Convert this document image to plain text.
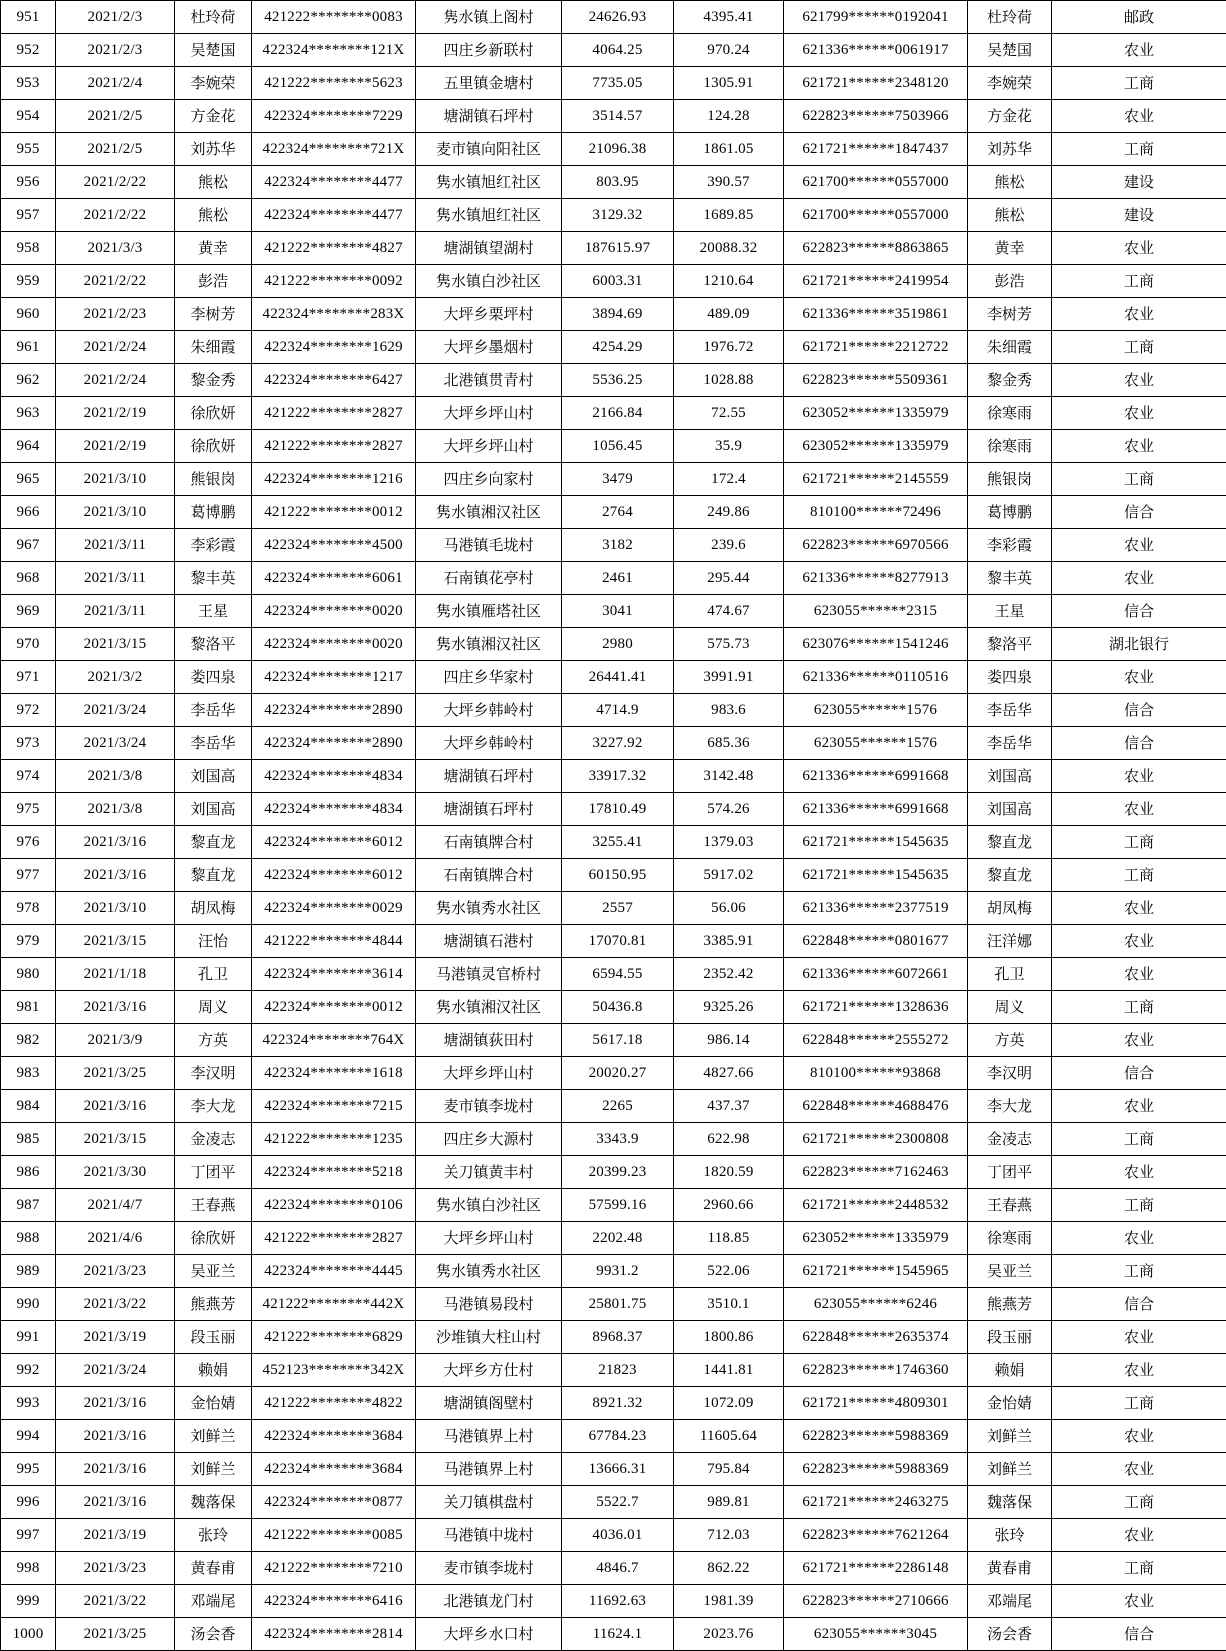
951	2021/2/3	杜玲荷	421222********0083	隽水镇上阁村	24626.93	4395.41	621799******0192041	杜玲荷	邮政
952	2021/2/3	吴楚国	422324********121X	四庄乡新联村	4064.25	970.24	621336******0061917	吴楚国	农业
953	2021/2/4	李婉荣	421222********5623	五里镇金塘村	7735.05	1305.91	621721******2348120	李婉荣	工商
954	2021/2/5	方金花	422324********7229	塘湖镇石坪村	3514.57	124.28	622823******7503966	方金花	农业
955	2021/2/5	刘苏华	422324********721X	麦市镇向阳社区	21096.38	1861.05	621721******1847437	刘苏华	工商
956	2021/2/22	熊松	422324********4477	隽水镇旭红社区	803.95	390.57	621700******0557000	熊松	建设
957	2021/2/22	熊松	422324********4477	隽水镇旭红社区	3129.32	1689.85	621700******0557000	熊松	建设
958	2021/3/3	黄幸	421222********4827	塘湖镇望湖村	187615.97	20088.32	622823******8863865	黄幸	农业
959	2021/2/22	彭浩	421222********0092	隽水镇白沙社区	6003.31	1210.64	621721******2419954	彭浩	工商
960	2021/2/23	李树芳	422324********283X	大坪乡栗坪村	3894.69	489.09	621336******3519861	李树芳	农业
961	2021/2/24	朱细霞	422324********1629	大坪乡墨烟村	4254.29	1976.72	621721******2212722	朱细霞	工商
962	2021/2/24	黎金秀	422324********6427	北港镇贯青村	5536.25	1028.88	622823******5509361	黎金秀	农业
963	2021/2/19	徐欣妍	421222********2827	大坪乡坪山村	2166.84	72.55	623052******1335979	徐寒雨	农业
964	2021/2/19	徐欣妍	421222********2827	大坪乡坪山村	1056.45	35.9	623052******1335979	徐寒雨	农业
965	2021/3/10	熊银岗	422324********1216	四庄乡向家村	3479	172.4	621721******2145559	熊银岗	工商
966	2021/3/10	葛博鹏	421222********0012	隽水镇湘汉社区	2764	249.86	810100******72496	葛博鹏	信合
967	2021/3/11	李彩霞	422324********4500	马港镇毛垅村	3182	239.6	622823******6970566	李彩霞	农业
968	2021/3/11	黎丰英	422324********6061	石南镇花亭村	2461	295.44	621336******8277913	黎丰英	农业
969	2021/3/11	王星	422324********0020	隽水镇雁塔社区	3041	474.67	623055******2315	王星	信合
970	2021/3/15	黎洛平	422324********0020	隽水镇湘汉社区	2980	575.73	623076******1541246	黎洛平	湖北银行
971	2021/3/2	娄四泉	422324********1217	四庄乡华家村	26441.41	3991.91	621336******0110516	娄四泉	农业
972	2021/3/24	李岳华	422324********2890	大坪乡韩岭村	4714.9	983.6	623055******1576	李岳华	信合
973	2021/3/24	李岳华	422324********2890	大坪乡韩岭村	3227.92	685.36	623055******1576	李岳华	信合
974	2021/3/8	刘国高	422324********4834	塘湖镇石坪村	33917.32	3142.48	621336******6991668	刘国高	农业
975	2021/3/8	刘国高	422324********4834	塘湖镇石坪村	17810.49	574.26	621336******6991668	刘国高	农业
976	2021/3/16	黎直龙	422324********6012	石南镇牌合村	3255.41	1379.03	621721******1545635	黎直龙	工商
977	2021/3/16	黎直龙	422324********6012	石南镇牌合村	60150.95	5917.02	621721******1545635	黎直龙	工商
978	2021/3/10	胡凤梅	422324********0029	隽水镇秀水社区	2557	56.06	621336******2377519	胡凤梅	农业
979	2021/3/15	汪怡	421222********4844	塘湖镇石港村	17070.81	3385.91	622848******0801677	汪洋娜	农业
980	2021/1/18	孔卫	422324********3614	马港镇灵官桥村	6594.55	2352.42	621336******6072661	孔卫	农业
981	2021/3/16	周义	422324********0012	隽水镇湘汉社区	50436.8	9325.26	621721******1328636	周义	工商
982	2021/3/9	方英	422324********764X	塘湖镇荻田村	5617.18	986.14	622848******2555272	方英	农业
983	2021/3/25	李汉明	422324********1618	大坪乡坪山村	20020.27	4827.66	810100******93868	李汉明	信合
984	2021/3/16	李大龙	422324********7215	麦市镇李垅村	2265	437.37	622848******4688476	李大龙	农业
985	2021/3/15	金凌志	421222********1235	四庄乡大源村	3343.9	622.98	621721******2300808	金凌志	工商
986	2021/3/30	丁团平	422324********5218	关刀镇黄丰村	20399.23	1820.59	622823******7162463	丁团平	农业
987	2021/4/7	王春燕	422324********0106	隽水镇白沙社区	57599.16	2960.66	621721******2448532	王春燕	工商
988	2021/4/6	徐欣妍	421222********2827	大坪乡坪山村	2202.48	118.85	623052******1335979	徐寒雨	农业
989	2021/3/23	吴亚兰	422324********4445	隽水镇秀水社区	9931.2	522.06	621721******1545965	吴亚兰	工商
990	2021/3/22	熊燕芳	421222********442X	马港镇易段村	25801.75	3510.1	623055******6246	熊燕芳	信合
991	2021/3/19	段玉丽	421222********6829	沙堆镇大柱山村	8968.37	1800.86	622848******2635374	段玉丽	农业
992	2021/3/24	赖娟	452123********342X	大坪乡方仕村	21823	1441.81	622823******1746360	赖娟	农业
993	2021/3/16	金怡婧	421222********4822	塘湖镇阁壁村	8921.32	1072.09	621721******4809301	金怡婧	工商
994	2021/3/16	刘鲜兰	422324********3684	马港镇界上村	67784.23	11605.64	622823******5988369	刘鲜兰	农业
995	2021/3/16	刘鲜兰	422324********3684	马港镇界上村	13666.31	795.84	622823******5988369	刘鲜兰	农业
996	2021/3/16	魏落保	422324********0877	关刀镇棋盘村	5522.7	989.81	621721******2463275	魏落保	工商
997	2021/3/19	张玲	421222********0085	马港镇中垅村	4036.01	712.03	622823******7621264	张玲	农业
998	2021/3/23	黄春甫	421222********7210	麦市镇李垅村	4846.7	862.22	621721******2286148	黄春甫	工商
999	2021/3/22	邓端尾	422324********6416	北港镇龙门村	11692.63	1981.39	622823******2710666	邓端尾	农业
1000	2021/3/25	汤会香	422324********2814	大坪乡水口村	11624.1	2023.76	623055******3045	汤会香	信合
